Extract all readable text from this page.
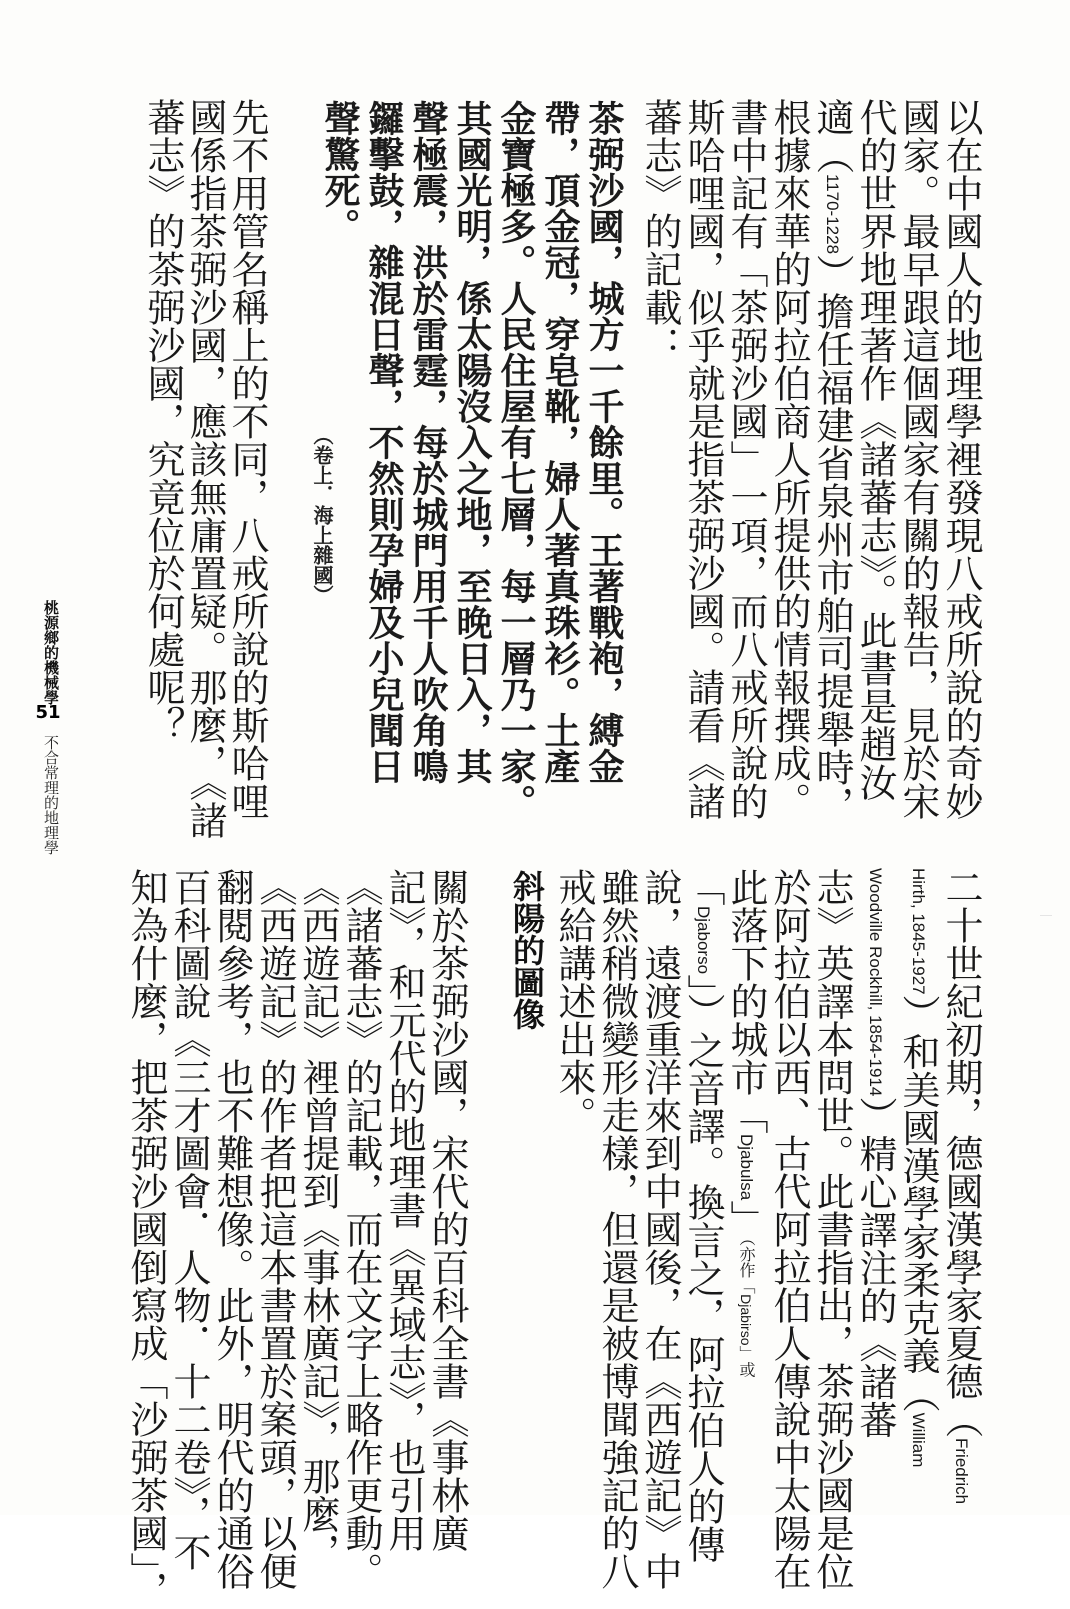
以在中國人的地理學裡發現八戒所說的奇妙
國家。最早跟這個國家有關的報告，見於宋
代的世界地理著作《諸蕃志》。此書是趙汝
適（1170-1228）擔任福建省泉州市舶司提舉時，
根據來華的阿拉伯商人所提供的情報撰成。
書中記有「茶弼沙國」一項，而八戒所說的
斯哈哩國，似乎就是指茶弼沙國。請看《諸
蕃志》的記載：
茶弼沙國，城方一千餘里。王著戰袍，縛金
帶，頂金冠，穿皂靴，婦人著真珠衫。土產
金寶極多。人民住屋有七層，每一層乃一家。
其國光明，係太陽沒入之地，至晚日入，其
聲極震，洪於雷霆，每於城門用千人吹角鳴
鑼擊鼓，雜混日聲，不然則孕婦及小兒聞日
聲驚死。
（卷上．海上雜國）
先不用管名稱上的不同，八戒所說的斯哈哩
國係指茶弼沙國，應該無庸置疑。那麼，《諸
蕃志》的茶弼沙國，究竟位於何處呢？
桃源鄉的機械學
51
不合常理的地理學
二十世紀初期，德國漢學家夏德（Friedrich
Hirth, 1845-1927）和美國漢學家柔克義（William
Woodville Rockhill, 1854-1914）精心譯注的《諸蕃
志》英譯本問世。此書指出，茶弼沙國是位
於阿拉伯以西、古代阿拉伯人傳說中太陽在
此落下的城市「Djabulsa」（亦作「Djabirso」或
「Djaborso」）之音譯。換言之，阿拉伯人的傳
說，遠渡重洋來到中國後，在《西遊記》中
雖然稍微變形走樣，但還是被博聞強記的八
戒給講述出來。
斜陽的圖像
關於茶弼沙國，宋代的百科全書《事林廣
記》，和元代的地理書《異域志》，也引用
《諸蕃志》的記載，而在文字上略作更動。
《西遊記》裡曾提到《事林廣記》，那麼，
《西遊記》的作者把這本書置於案頭，以便
翻閱參考，也不難想像。此外，明代的通俗
百科圖說《三才圖會．人物．十二卷》，不
知為什麼，把茶弼沙國倒寫成「沙弼茶國」，
